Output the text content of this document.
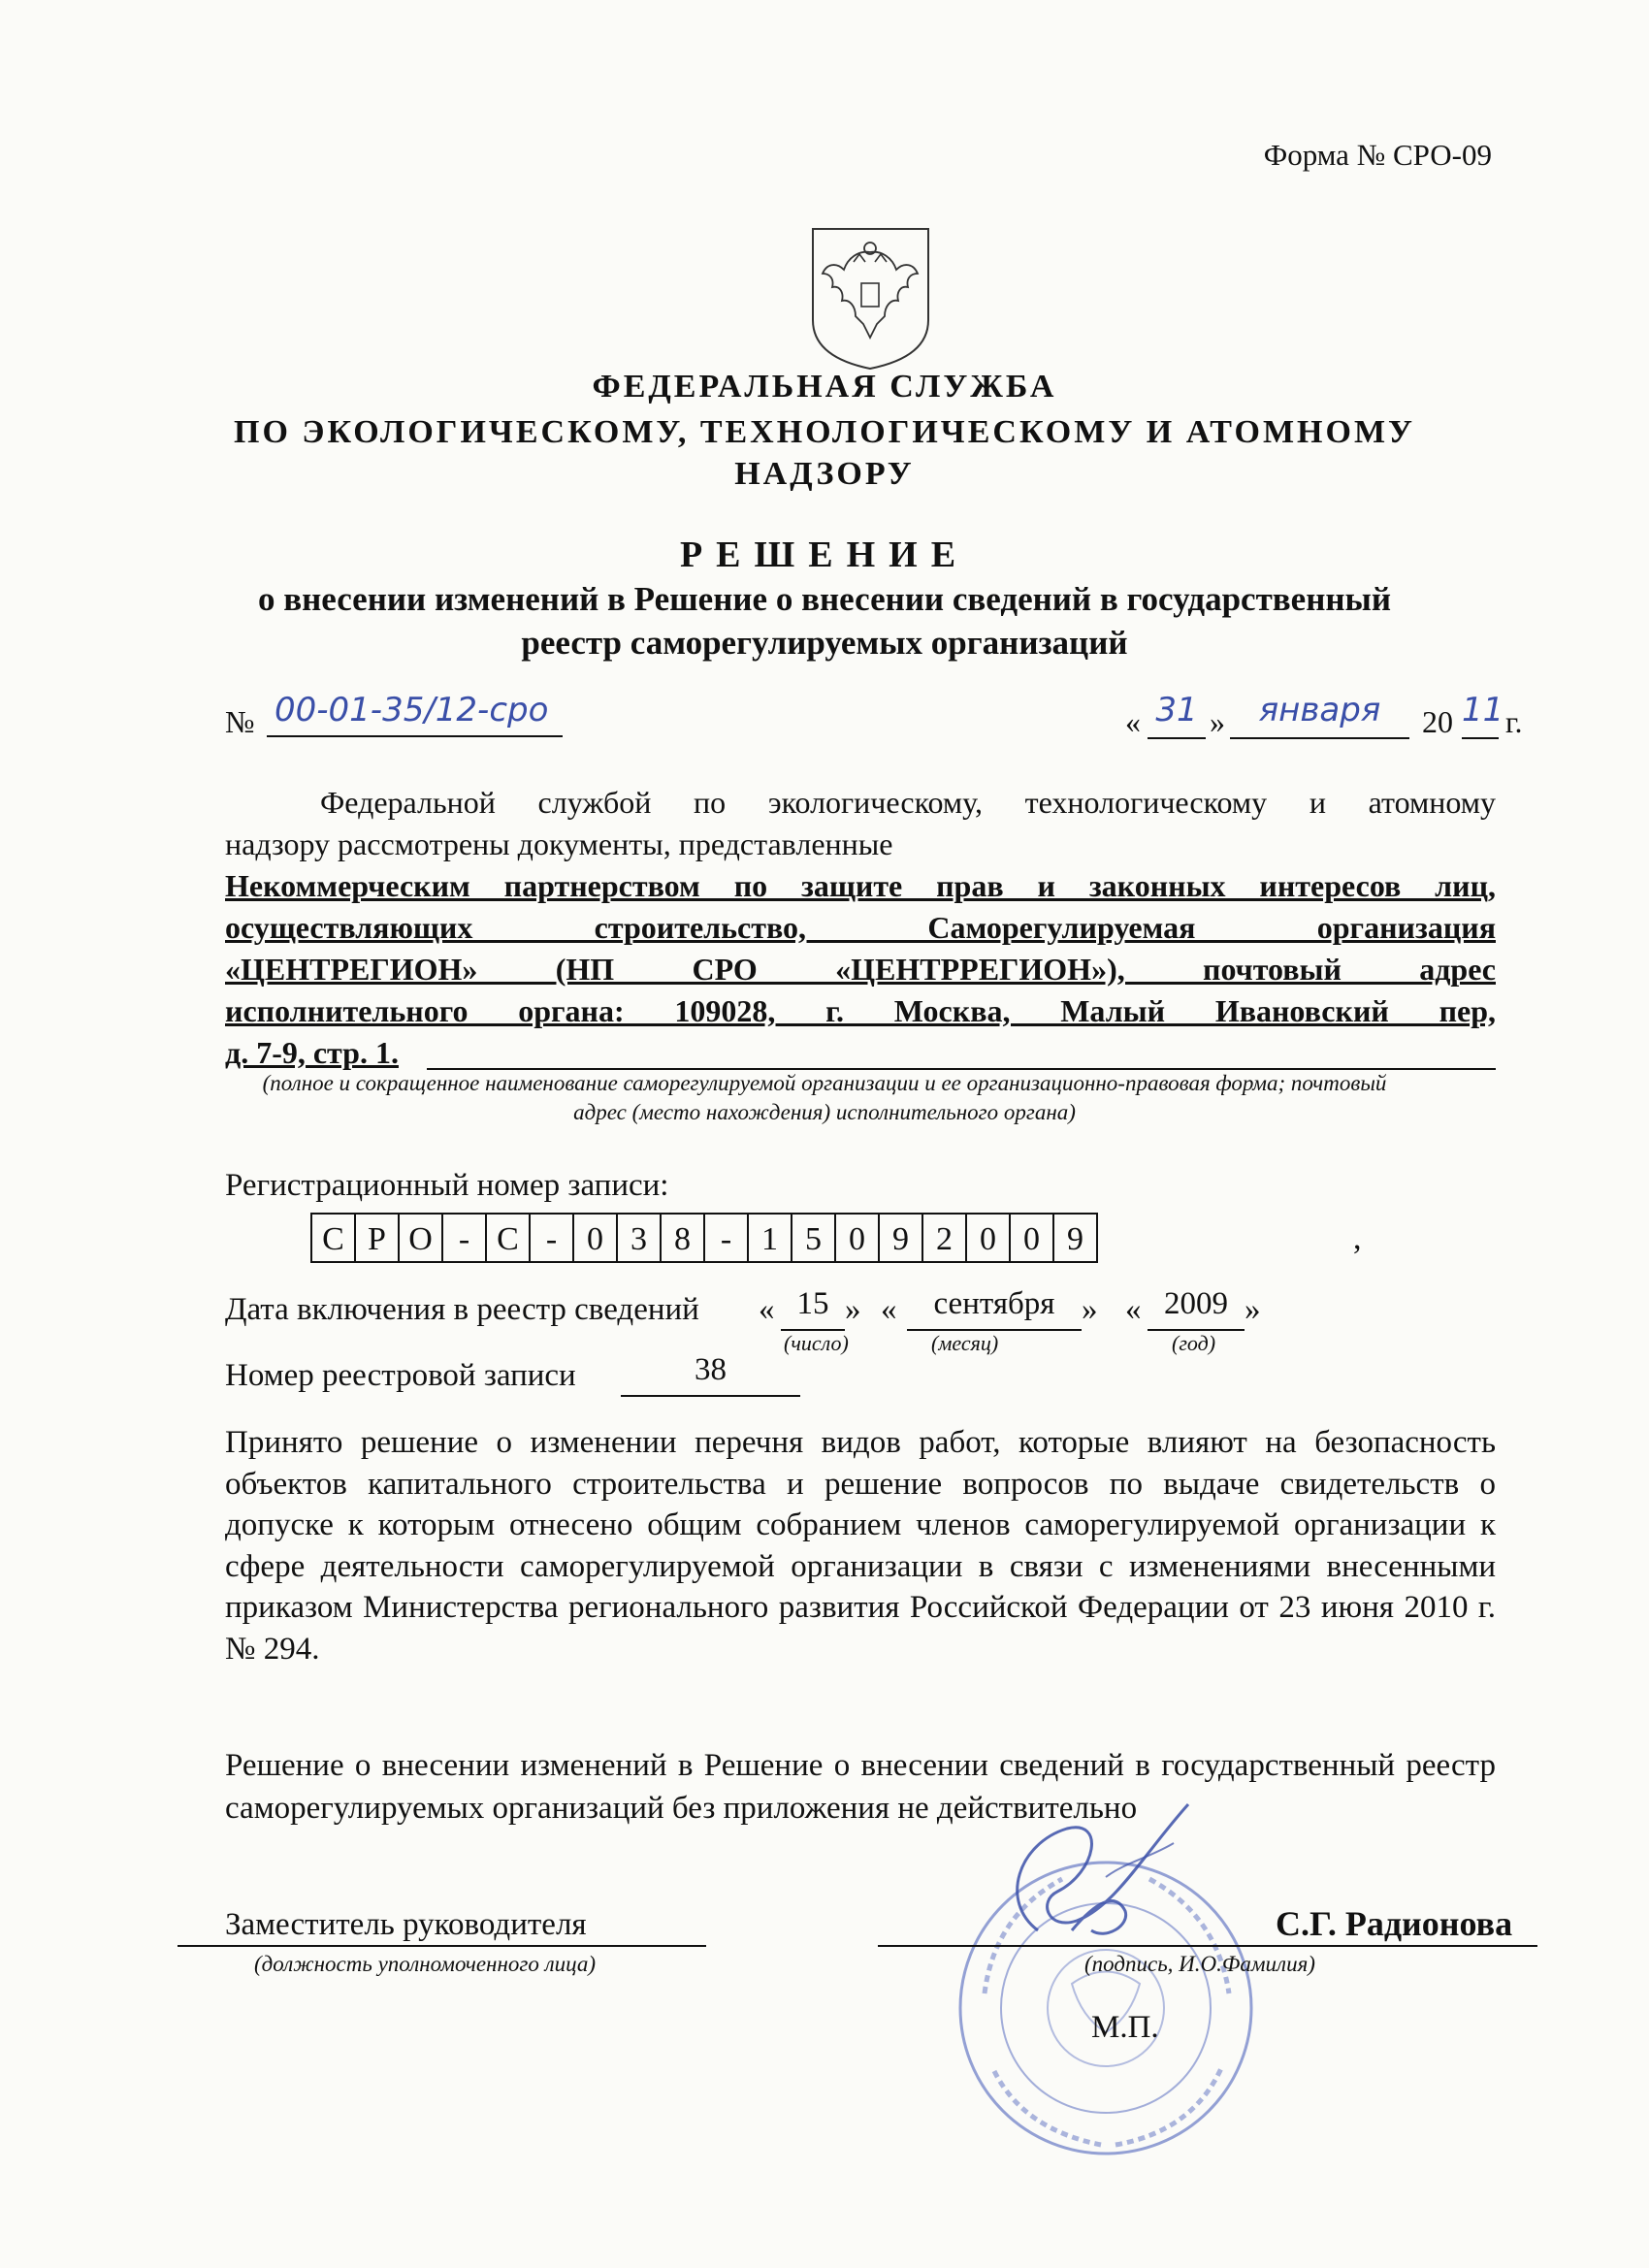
Форма № СРО-09
ФЕДЕРАЛЬНАЯ СЛУЖБА
ПО ЭКОЛОГИЧЕСКОМУ, ТЕХНОЛОГИЧЕСКОМУ И АТОМНОМУ
НАДЗОРУ
РЕШЕНИЕ
о внесении изменений в Решение о внесении сведений в государственный
реестр саморегулируемых организаций
№ 00-01-35/12-сро	« 31 »	января	20 11 г.
Федеральной службой по экологическому, технологическому и атомному
надзору рассмотрены документы, представленные
Некоммерческим партнерством по защите прав и законных интересов лиц,
осуществляющих строительство, Саморегулируемая организация
«ЦЕНТРЕГИОН» (НП СРО «ЦЕНТРРЕГИОН»), почтовый адрес
исполнительного органа: 109028, г. Москва, Малый Ивановский пер,
д. 7-9, стр. 1.
(полное и сокращенное наименование саморегулируемой организации и ее организационно-правовая форма; почтовый
адрес (место нахождения) исполнительного органа)
Регистрационный номер записи:
С Р О - С - 0 3 8 - 1 5 0 9 2 0 0 9	,
Дата включения в реестр сведений « 15 » «	сентября » « 2009 »
(число)	(месяц)	(год)
Номер реестровой записи	38
Принято решение о изменении перечня видов работ, которые влияют на безопасность объектов капитального строительства и решение вопросов по выдаче свидетельств о допуске к которым отнесено общим собранием членов саморегулируемой организации к сфере деятельности саморегулируемой организации в связи с изменениями внесенными приказом Министерства регионального развития Российской Федерации от 23 июня 2010 г. № 294.
Решение о внесении изменений в Решение о внесении сведений в государственный реестр саморегулируемых организаций без приложения не действительно
Заместитель руководителя
(должность уполномоченного лица)
С.Г. Радионова
(подпись, И.О.Фамилия)
М.П.
